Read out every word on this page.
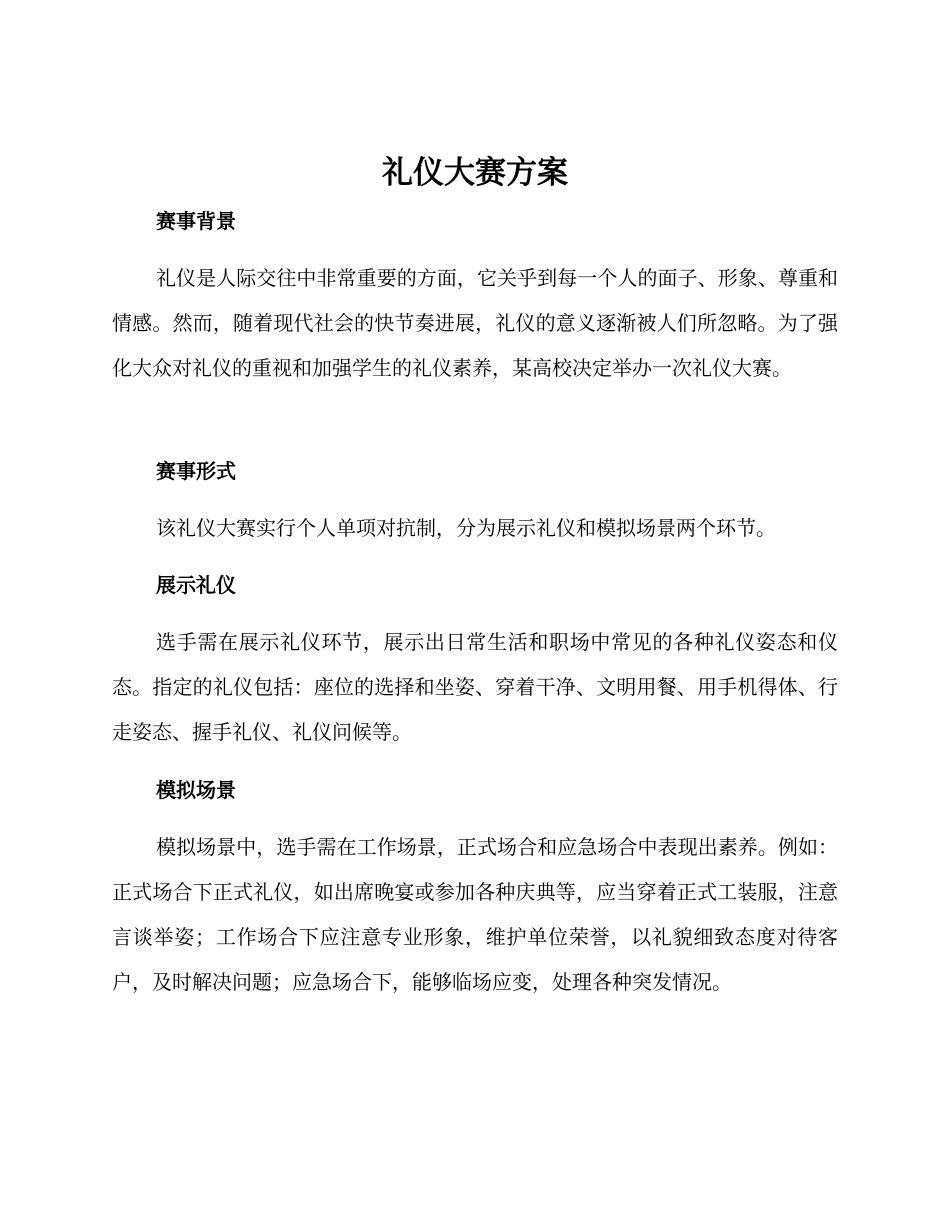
礼仪大赛方案
赛事背景

礼仪是人际交往中非常重要的方面，它关乎到每一个人的面子、形象、尊重和情感。然而，随着现代社会的快节奏进展，礼仪的意义逐渐被人们所忽略。为了强化大众对礼仪的重视和加强学生的礼仪素养，某高校决定举办一次礼仪大赛。

赛事形式

该礼仪大赛实行个人单项对抗制，分为展示礼仪和模拟场景两个环节。

展示礼仪

选手需在展示礼仪环节，展示出日常生活和职场中常见的各种礼仪姿态和仪态。指定的礼仪包括：座位的选择和坐姿、穿着干净、文明用餐、用手机得体、行走姿态、握手礼仪、礼仪问候等。

模拟场景

模拟场景中，选手需在工作场景，正式场合和应急场合中表现出素养。例如：正式场合下正式礼仪，如出席晚宴或参加各种庆典等，应当穿着正式工装服，注意言谈举姿；工作场合下应注意专业形象，维护单位荣誉，以礼貌细致态度对待客户，及时解决问题；应急场合下，能够临场应变，处理各种突发情况。
